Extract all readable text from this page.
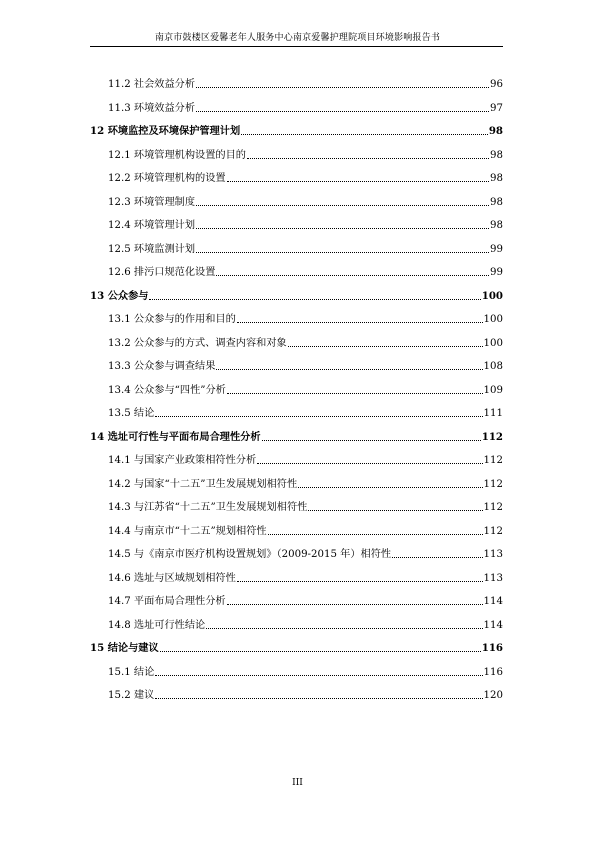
南京市鼓楼区爱馨老年人服务中心南京爱馨护理院项目环境影响报告书
11.2 社会效益分析	96
11.3 环境效益分析	97
12 环境监控及环境保护管理计划	98
12.1 环境管理机构设置的目的	98
12.2 环境管理机构的设置	98
12.3 环境管理制度	98
12.4 环境管理计划	98
12.5 环境监测计划	99
12.6 排污口规范化设置	99
13 公众参与	100
13.1 公众参与的作用和目的	100
13.2 公众参与的方式、调查内容和对象	100
13.3 公众参与调查结果	108
13.4 公众参与“四性”分析	109
13.5 结论	111
14 选址可行性与平面布局合理性分析	112
14.1 与国家产业政策相符性分析	112
14.2 与国家“十二五”卫生发展规划相符性	112
14.3 与江苏省“十二五”卫生发展规划相符性	112
14.4 与南京市“十二五”规划相符性	112
14.5 与《南京市医疗机构设置规划》（2009-2015 年）相符性	113
14.6 选址与区域规划相符性	113
14.7 平面布局合理性分析	114
14.8 选址可行性结论	114
15 结论与建议	116
15.1 结论	116
15.2 建议	120
III
